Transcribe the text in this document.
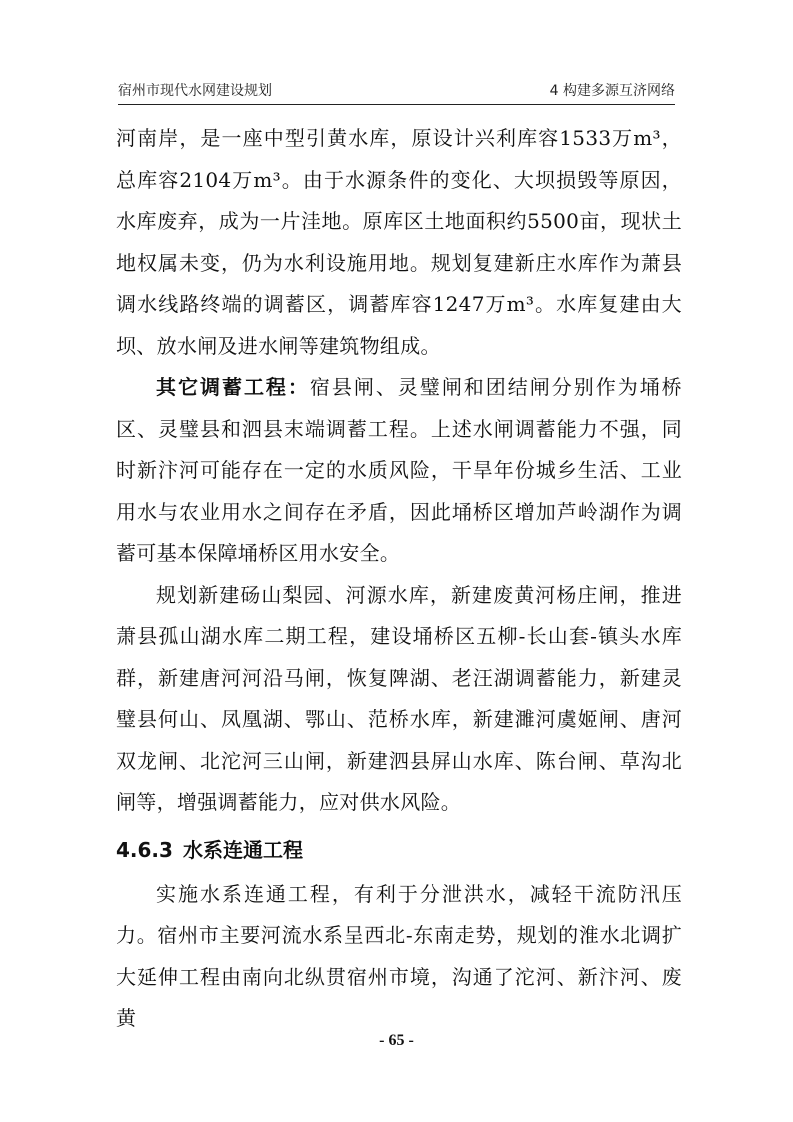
宿州市现代水网建设规划	4 构建多源互济网络

河南岸，是一座中型引黄水库，原设计兴利库容1533万m³，总库容2104万m³。由于水源条件的变化、大坝损毁等原因，水库废弃，成为一片洼地。原库区土地面积约5500亩，现状土地权属未变，仍为水利设施用地。规划复建新庄水库作为萧县调水线路终端的调蓄区，调蓄库容1247万m³。水库复建由大坝、放水闸及进水闸等建筑物组成。

其它调蓄工程：宿县闸、灵璧闸和团结闸分别作为埇桥区、灵璧县和泗县末端调蓄工程。上述水闸调蓄能力不强，同时新汴河可能存在一定的水质风险，干旱年份城乡生活、工业用水与农业用水之间存在矛盾，因此埇桥区增加芦岭湖作为调蓄可基本保障埇桥区用水安全。

规划新建砀山梨园、河源水库，新建废黄河杨庄闸，推进萧县孤山湖水库二期工程，建设埇桥区五柳-长山套-镇头水库群，新建唐河河沿马闸，恢复陴湖、老汪湖调蓄能力，新建灵璧县何山、凤凰湖、鄂山、范桥水库，新建濉河虞姬闸、唐河双龙闸、北沱河三山闸，新建泗县屏山水库、陈台闸、草沟北闸等，增强调蓄能力，应对供水风险。

4.6.3 水系连通工程

实施水系连通工程，有利于分泄洪水，减轻干流防汛压力。宿州市主要河流水系呈西北-东南走势，规划的淮水北调扩大延伸工程由南向北纵贯宿州市境，沟通了沱河、新汴河、废黄

- 65 -
